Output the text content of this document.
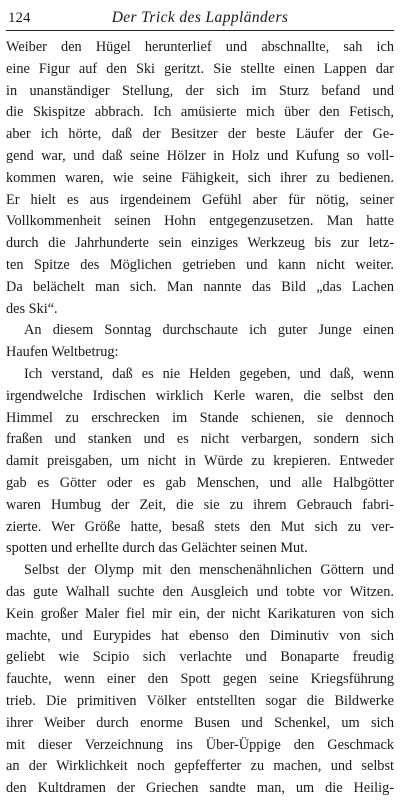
124	Der Trick des Lappländers
Weiber den Hügel herunterlief und abschnallte, sah ich
eine Figur auf den Ski geritzt. Sie stellte einen Lappen dar
in unanständiger Stellung, der sich im Sturz befand und
die Skispitze abbrach. Ich amüsierte mich über den Fetisch,
aber ich hörte, daß der Besitzer der beste Läufer der Ge-
gend war, und daß seine Hölzer in Holz und Kufung so voll-
kommen waren, wie seine Fähigkeit, sich ihrer zu bedienen.
Er hielt es aus irgendeinem Gefühl aber für nötig, seiner
Vollkommenheit seinen Hohn entgegenzusetzen. Man hatte
durch die Jahrhunderte sein einziges Werkzeug bis zur letz-
ten Spitze des Möglichen getrieben und kann nicht weiter.
Da belächelt man sich. Man nannte das Bild „das Lachen
des Ski“.
An diesem Sonntag durchschaute ich guter Junge einen
Haufen Weltbetrug:
Ich verstand, daß es nie Helden gegeben, und daß, wenn
irgendwelche Irdischen wirklich Kerle waren, die selbst den
Himmel zu erschrecken im Stande schienen, sie dennoch
fraßen und stanken und es nicht verbargen, sondern sich
damit preisgaben, um nicht in Würde zu krepieren. Entweder
gab es Götter oder es gab Menschen, und alle Halbgötter
waren Humbug der Zeit, die sie zu ihrem Gebrauch fabri-
zierte. Wer Größe hatte, besaß stets den Mut sich zu ver-
spotten und erhellte durch das Gelächter seinen Mut.
Selbst der Olymp mit den menschenähnlichen Göttern und
das gute Walhall suchte den Ausgleich und tobte vor Witzen.
Kein großer Maler fiel mir ein, der nicht Karikaturen von sich
machte, und Eurypides hat ebenso den Diminutiv von sich
geliebt wie Scipio sich verlachte und Bonaparte freudig
fauchte, wenn einer den Spott gegen seine Kriegsführung
trieb. Die primitiven Völker entstellten sogar die Bildwerke
ihrer Weiber durch enorme Busen und Schenkel, um sich
mit dieser Verzeichnung ins Über-Üppige den Geschmack
an der Wirklichkeit noch gepfefferter zu machen, und selbst
den Kultdramen der Griechen sandte man, um die Heilig-
